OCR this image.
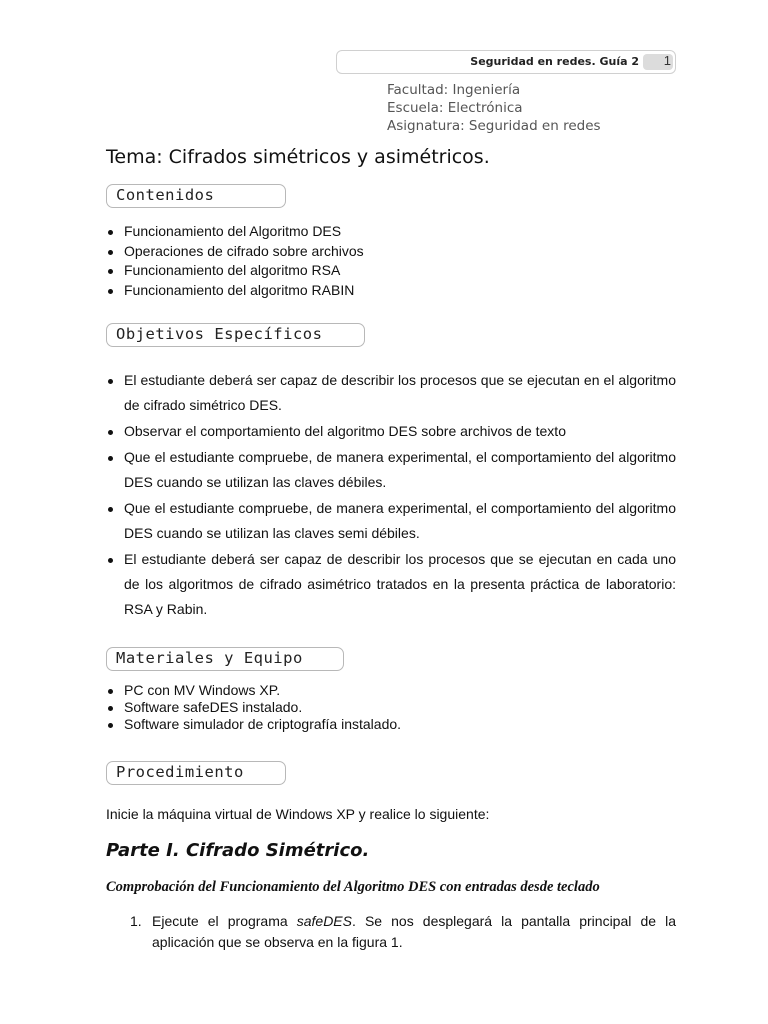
Seguridad en redes. Guía 2 1
Facultad: Ingeniería
Escuela: Electrónica
Asignatura: Seguridad en redes
Tema: Cifrados simétricos y asimétricos.
Contenidos
Funcionamiento del Algoritmo DES
Operaciones de cifrado sobre archivos
Funcionamiento del algoritmo RSA
Funcionamiento del algoritmo RABIN
Objetivos Específicos
El estudiante deberá ser capaz de describir los procesos que se ejecutan en el algoritmo de cifrado simétrico DES.
Observar el comportamiento del algoritmo DES sobre archivos de texto
Que el estudiante compruebe, de manera experimental, el comportamiento del algoritmo DES cuando se utilizan las claves débiles.
Que el estudiante compruebe, de manera experimental, el comportamiento del algoritmo DES cuando se utilizan las claves semi débiles.
El estudiante deberá ser capaz de describir los procesos que se ejecutan en cada uno de los algoritmos de cifrado asimétrico tratados en la presenta práctica de laboratorio: RSA y Rabin.
Materiales y Equipo
PC con MV Windows XP.
Software safeDES instalado.
Software simulador de criptografía instalado.
Procedimiento
Inicie la máquina virtual de Windows XP y realice lo siguiente:
Parte I. Cifrado Simétrico.
Comprobación del Funcionamiento del Algoritmo DES con entradas desde teclado
1. Ejecute el programa safeDES. Se nos desplegará la pantalla principal de la aplicación que se observa en la figura 1.
